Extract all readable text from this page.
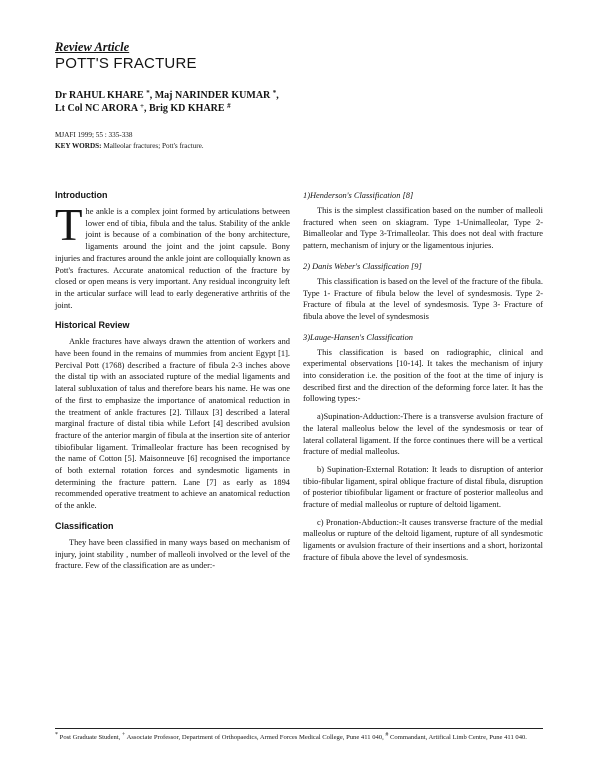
Review Article
POTT'S FRACTURE
Dr RAHUL KHARE *, Maj NARINDER KUMAR *,
Lt Col NC ARORA +, Brig KD KHARE #
MJAFI 1999; 55 : 335-338
KEY WORDS: Malleolar fractures; Pott's fracture.
Introduction

The ankle is a complex joint formed by articulations between lower end of tibia, fibula and the talus. Stability of the ankle joint is because of a combination of the bony architecture, ligaments around the joint and the joint capsule. Bony injuries and fractures around the ankle joint are colloquially known as Pott's fractures. Accurate anatomical reduction of the fracture by closed or open means is very important. Any residual incongruity left in the articular surface will lead to early degenerative arthritis of the joint.

Historical Review

Ankle fractures have always drawn the attention of workers and have been found in the remains of mummies from ancient Egypt [1]. Percival Pott (1768) described a fracture of fibula 2-3 inches above the distal tip with an associated rupture of the medial ligaments and lateral subluxation of talus and therefore bears his name. He was one of the first to emphasize the importance of anatomical reduction in the treatment of ankle fractures [2]. Tillaux [3] described a lateral marginal fracture of distal tibia while Lefort [4] described avulsion fracture of the anterior margin of fibula at the insertion site of anterior tibiofibular ligament. Trimalleolar fracture has been recognised by the name of Cotton [5]. Maisonneuve [6] recognised the importance of both external rotation forces and syndesmotic ligaments in determining the fracture pattern. Lane [7] as early as 1894 recommended operative treatment to achieve an anatomical reduction of the ankle.

Classification

They have been classified in many ways based on mechanism of injury, joint stability , number of malleoli involved or the level of the fracture. Few of the classification are as under:-

1)Henderson's Classification [8]

This is the simplest classification based on the number of malleoli fractured when seen on skiagram. Type 1-Unimalleolar, Type 2-Bimalleolar and Type 3-Trimalleolar. This does not deal with fracture pattern, mechanism of injury or the ligamentous injuries.

2) Danis Weber's Classification [9]

This classification is based on the level of the fracture of the fibula. Type 1- Fracture of fibula below the level of syndesmosis. Type 2- Fracture of fibula at the level of syndesmosis. Type 3- Fracture of fibula above the level of syndesmosis

3)Lauge-Hansen's Classification

This classification is based on radiographic, clinical and experimental observations [10-14]. It takes the mechanism of injury into consideration i.e. the position of the foot at the time of injury is described first and the direction of the deforming force later. It has the following types:-

a)Supination-Adduction:-There is a transverse avulsion fracture of the lateral malleolus below the level of the syndesmosis or tear of lateral collateral ligament. If the force continues there will be a vertical fracture of medial malleolus.

b) Supination-External Rotation: It leads to disruption of anterior tibio-fibular ligament, spiral oblique fracture of distal fibula, disruption of posterior tibiofibular ligament or fracture of posterior malleolus and fracture of medial malleolus or rupture of deltoid ligament.

c) Pronation-Abduction:-It causes transverse fracture of the medial malleolus or rupture of the deltoid ligament, rupture of all syndesmotic ligaments or avulsion fracture of their insertions and a short, horizontal fracture of fibula above the level of syndesmosis.

* Post Graduate Student, + Associate Professor, Department of Orthopaedics, Armed Forces Medical College, Pune 411 040, # Commandant, Artifical Limb Centre, Pune 411 040.
